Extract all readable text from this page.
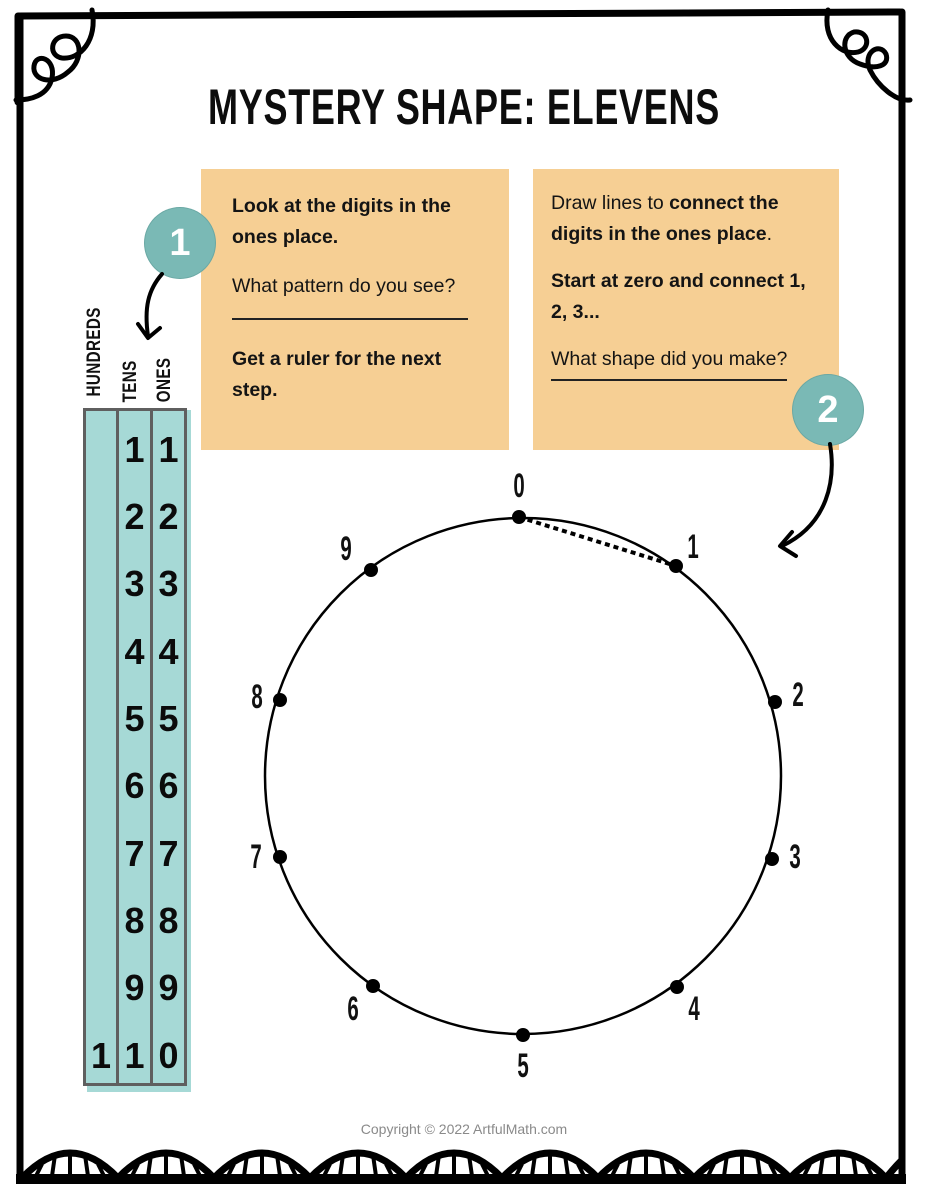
MYSTERY SHAPE: ELEVENS

Look at the digits in the ones place.

What pattern do you see?

Get a ruler for the next step.

Draw lines to connect the digits in the ones place.

Start at zero and connect 1, 2, 3...

What shape did you make?

1
2
HUNDREDS TENS ONES
1
1
2
3
4
5
6
7
8
9
1
1
2
3
4
5
6
7
8
9
0
0
1
2
3
4
5
6
7
8
9
Copyright © 2022 ArtfulMath.com
